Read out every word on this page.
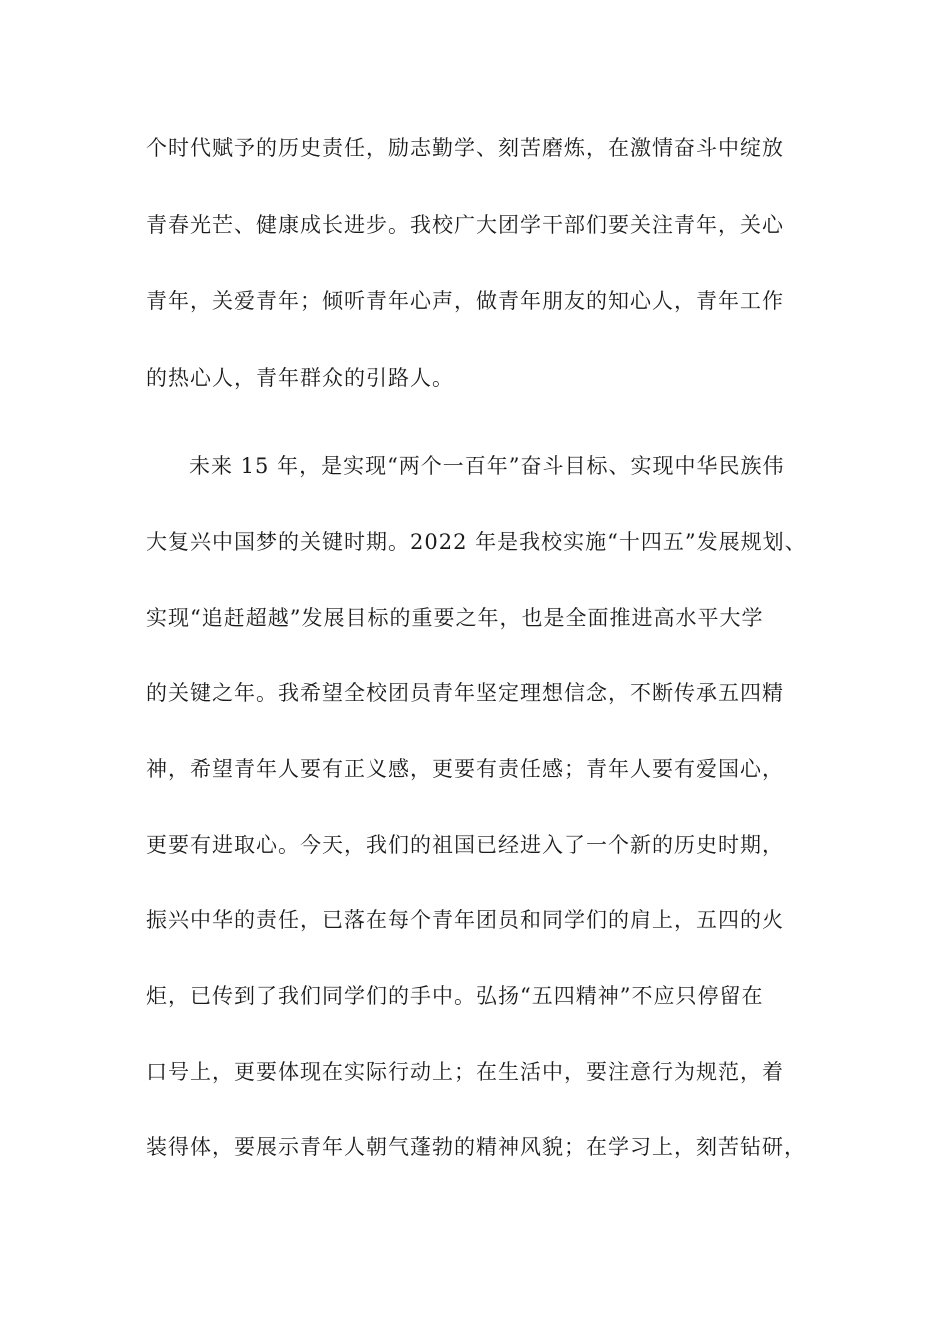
个时代赋予的历史责任，励志勤学、刻苦磨炼，在激情奋斗中绽放
青春光芒、健康成长进步。我校广大团学干部们要关注青年，关心
青年，关爱青年；倾听青年心声，做青年朋友的知心人，青年工作
的热心人，青年群众的引路人。
未来 15 年，是实现“两个一百年”奋斗目标、实现中华民族伟
大复兴中国梦的关键时期。2022 年是我校实施“十四五”发展规划、
实现“追赶超越”发展目标的重要之年，也是全面推进高水平大学
的关键之年。我希望全校团员青年坚定理想信念，不断传承五四精
神，希望青年人要有正义感，更要有责任感；青年人要有爱国心，
更要有进取心。今天，我们的祖国已经进入了一个新的历史时期，
振兴中华的责任，已落在每个青年团员和同学们的肩上，五四的火
炬，已传到了我们同学们的手中。弘扬“五四精神”不应只停留在
口号上，更要体现在实际行动上；在生活中，要注意行为规范，着
装得体，要展示青年人朝气蓬勃的精神风貌；在学习上，刻苦钻研，
